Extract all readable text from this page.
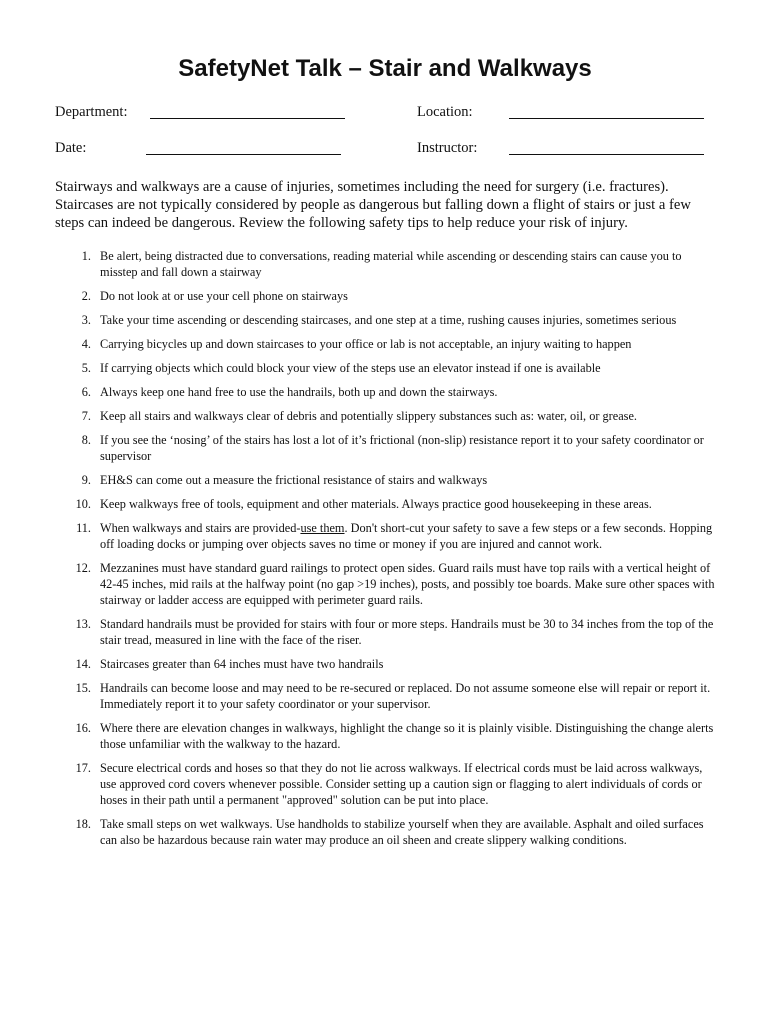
SafetyNet Talk – Stair and Walkways
Department:	Location:
Date:	Instructor:
Stairways and walkways are a cause of injuries, sometimes including the need for surgery (i.e. fractures). Staircases are not typically considered by people as dangerous but falling down a flight of stairs or just a few steps can indeed be dangerous. Review the following safety tips to help reduce your risk of injury.
1. Be alert, being distracted due to conversations, reading material while ascending or descending stairs can cause you to misstep and fall down a stairway
2. Do not look at or use your cell phone on stairways
3. Take your time ascending or descending staircases, and one step at a time, rushing causes injuries, sometimes serious
4. Carrying bicycles up and down staircases to your office or lab is not acceptable, an injury waiting to happen
5. If carrying objects which could block your view of the steps use an elevator instead if one is available
6. Always keep one hand free to use the handrails, both up and down the stairways.
7. Keep all stairs and walkways clear of debris and potentially slippery substances such as: water, oil, or grease.
8. If you see the ‘nosing’ of the stairs has lost a lot of it’s frictional (non-slip) resistance report it to your safety coordinator or supervisor
9. EH&S can come out a measure the frictional resistance of stairs and walkways
10. Keep walkways free of tools, equipment and other materials. Always practice good housekeeping in these areas.
11. When walkways and stairs are provided-use them. Don't short-cut your safety to save a few steps or a few seconds. Hopping off loading docks or jumping over objects saves no time or money if you are injured and cannot work.
12. Mezzanines must have standard guard railings to protect open sides. Guard rails must have top rails with a vertical height of 42-45 inches, mid rails at the halfway point (no gap >19 inches), posts, and possibly toe boards. Make sure other spaces with stairway or ladder access are equipped with perimeter guard rails.
13. Standard handrails must be provided for stairs with four or more steps. Handrails must be 30 to 34 inches from the top of the stair tread, measured in line with the face of the riser.
14. Staircases greater than 64 inches must have two handrails
15. Handrails can become loose and may need to be re-secured or replaced. Do not assume someone else will repair or report it. Immediately report it to your safety coordinator or your supervisor.
16. Where there are elevation changes in walkways, highlight the change so it is plainly visible. Distinguishing the change alerts those unfamiliar with the walkway to the hazard.
17. Secure electrical cords and hoses so that they do not lie across walkways. If electrical cords must be laid across walkways, use approved cord covers whenever possible. Consider setting up a caution sign or flagging to alert individuals of cords or hoses in their path until a permanent "approved" solution can be put into place.
18. Take small steps on wet walkways. Use handholds to stabilize yourself when they are available. Asphalt and oiled surfaces can also be hazardous because rain water may produce an oil sheen and create slippery walking conditions.
